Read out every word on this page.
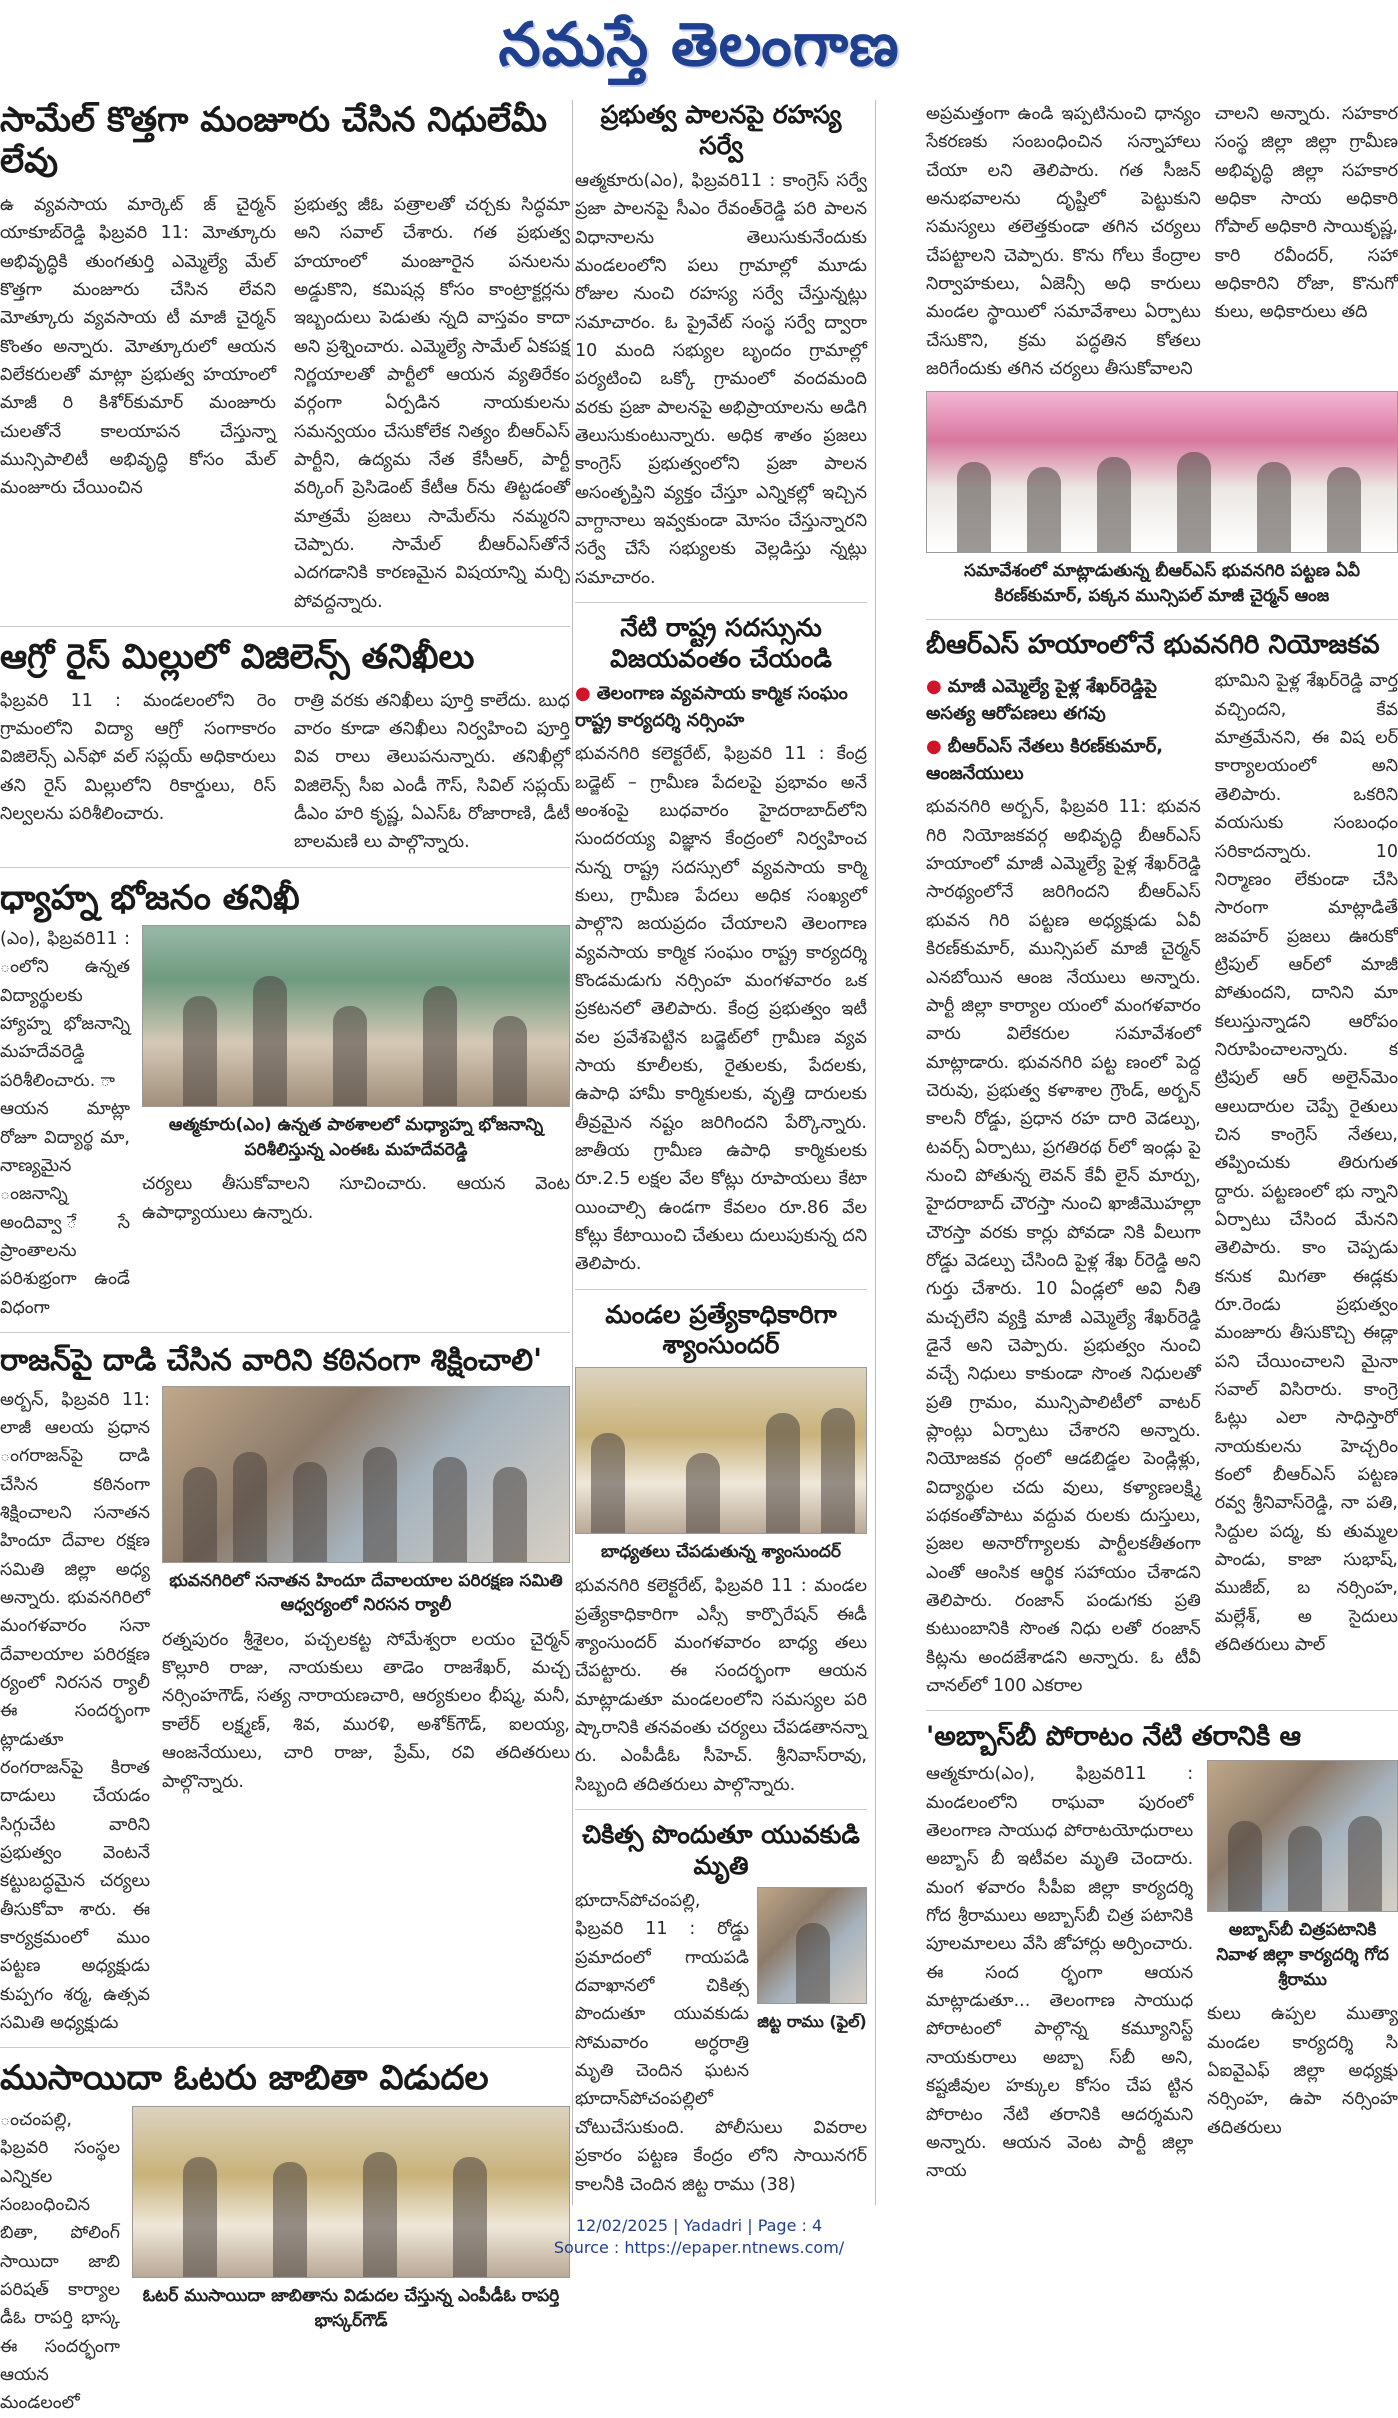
నమస్తే తెలంగాణ
సామేల్ కొత్తగా మంజూరు చేసిన నిధులేమీ లేవు

ఉ వ్యవసాయ మార్కెట్ జ్ చైర్మన్ యాకూబ్‌రెడ్డి ఫిబ్రవరి 11: మోత్కూరు అభివృద్ధికి తుంగతుర్తి ఎమ్మెల్యే మేల్ కొత్తగా మంజూరు చేసిన లేవని మోత్కూరు వ్యవసాయ టీ మాజీ చైర్మన్ కొంతం అన్నారు. మోత్కూరులో ఆయన విలేకరులతో మాట్లా ప్రభుత్వ హయాంలో మాజీ రి కిశోర్‌కుమార్ మంజూరు చులతోనే కాలయాపన చేస్తున్నా మున్సిపాలిటీ అభివృద్ధి కోసం మేల్ మంజూరు చేయించిన

ప్రభుత్వ జీఓ పత్రాలతో చర్చకు సిద్ధమా అని సవాల్ చేశారు. గత ప్రభుత్వ హయాంలో మంజూరైన పనులను అడ్డుకొని, కమిషన్ల కోసం కాంట్రాక్టర్లను ఇబ్బందులు పెడుతు న్నది వాస్తవం కాదా అని ప్రశ్నించారు. ఎమ్మెల్యే సామేల్ ఏకపక్ష నిర్ణయాలతో పార్టీలో ఆయన వ్యతిరేకం వర్గంగా ఏర్పడిన నాయకులను సమన్వయం చేసుకోలేక నిత్యం బీఆర్‌ఎస్ పార్టీని, ఉద్యమ నేత కేసీఆర్, పార్టీ వర్కింగ్ ప్రెసిడెంట్ కేటీఆ ర్‌ను తిట్టడంతో మాత్రమే ప్రజలు సామేల్‌ను నమ్మరని చెప్పారు. సామేల్ బీఆర్‌ఎస్‌తోనే ఎదగడానికి కారణమైన విషయాన్ని మర్చి పోవద్దన్నారు.

ఆగ్రో రైస్ మిల్లులో విజిలెన్స్ తనిఖీలు

ఫిబ్రవరి 11 : మండలంలోని రెం గ్రామంలోని విద్యా ఆగ్రో సంగాకారం విజిలెన్స్ ఎన్‌ఫో వల్ సప్లయ్ అధికారులు తని రైస్ మిల్లులోని రికార్డులు, రిస్ నిల్వలను పరిశీలించారు.

రాత్రి వరకు తనిఖీలు పూర్తి కాలేదు. బుధ వారం కూడా తనిఖీలు నిర్వహించి పూర్తి వివ రాలు తెలుపనున్నారు. తనిఖీల్లో విజిలెన్స్ సీఐ ఎండీ గౌస్, సివిల్ సప్లయ్ డీఎం హరి కృష్ణ, ఏఎస్‌ఓ రోజారాణి, డీటీ బాలమణి లు పాల్గొన్నారు.

ధ్యాహ్న భోజనం తనిఖీ

(ఎం), ఫిబ్రవరి11 : ంలోని ఉన్నత విద్యార్థులకు హ్యాహ్న భోజనాన్ని మహదేవరెడ్డి పరిశీలించారు. ా ఆయన మాట్లా రోజూ విద్యార్థ మా, నాణ్యమైన ంజనాన్ని అందివ్వా ేసే ప్రాంతాలను పరిశుభ్రంగా ఉండే విధంగా

ఆత్మకూరు(ఎం) ఉన్నత పాఠశాలలో మధ్యాహ్న భోజనాన్ని పరిశీలిస్తున్న ఎంఈఓ మహదేవరెడ్డి

చర్యలు తీసుకోవాలని సూచించారు. ఆయన వెంట ఉపాధ్యాయులు ఉన్నారు.

రాజన్‌పై దాడి చేసిన వారిని కఠినంగా శిక్షించాలి'

అర్బన్, ఫిబ్రవరి 11: లాజీ ఆలయ ప్రధాన ంగరాజన్‌పై దాడి చేసిన కఠినంగా శిక్షించాలని సనాతన హిందూ దేవాల రక్షణ సమితి జిల్లా అధ్య అన్నారు. భువనగిరిలో మంగళవారం సనా దేవాలయాల పరిరక్షణ ర్యంలో నిరసన ర్యాలీ ఈ సందర్భంగా ట్లాడుతూ రంగరాజన్‌పై కిరాత దాడులు చేయడం సిగ్గుచేట వారిని ప్రభుత్వం వెంటనే కట్టుబద్ధమైన చర్యలు తీసుకోవా శారు. ఈ కార్యక్రమంలో ముం పట్టణ అధ్యక్షుడు కుప్పగం శర్మ, ఉత్సవ సమితి అధ్యక్షుడు

భువనగిరిలో సనాతన హిందూ దేవాలయాల పరిరక్షణ సమితి ఆధ్వర్యంలో నిరసన ర్యాలీ

రత్నపురం శ్రీశైలం, పచ్చలకట్ట సోమేశ్వరా లయం చైర్మన్ కొల్లూరి రాజు, నాయకులు తాడెం రాజశేఖర్, మచ్చ నర్సింహగౌడ్, సత్య నారాయణచారి, ఆర్యకులం భీష్మ, మనీ, కాలేర్ లక్ష్మణ్, శివ, మురళి, అశోక్‌గౌడ్, ఐలయ్య, ఆంజనేయులు, చారి రాజు, ప్రేమ్, రవి తదితరులు పాల్గొన్నారు.

ముసాయిదా ఓటరు జాబితా విడుదల

ంచంపల్లి, ఫిబ్రవరి సంస్థల ఎన్నికల సంబంధించిన బితా, పోలింగ్ సాయిదా జాబి పరిషత్ కార్యాల డీఓ రాపర్తి భాస్క ఈ సందర్భంగా ఆయన మండలంలో

ఓటర్ ముసాయిదా జాబితాను విడుదల చేస్తున్న ఎంపీడీఓ రాపర్తి భాస్కర్‌గౌడ్
ప్రభుత్వ పాలనపై రహస్య సర్వే

ఆత్మకూరు(ఎం), ఫిబ్రవరి11 : కాంగ్రెస్ సర్వే ప్రజా పాలనపై సీఎం రేవంత్‌రెడ్డి పరి పాలన విధానాలను తెలుసుకునేందుకు మండలంలోని పలు గ్రామాల్లో మూడు రోజుల నుంచి రహస్య సర్వే చేస్తున్నట్లు సమాచారం. ఓ ప్రైవేట్ సంస్థ సర్వే ద్వారా 10 మంది సభ్యుల బృందం గ్రామాల్లో పర్యటించి ఒక్కో గ్రామంలో వందమంది వరకు ప్రజా పాలనపై అభిప్రాయాలను అడిగి తెలుసుకుంటున్నారు. అధిక శాతం ప్రజలు కాంగ్రెస్ ప్రభుత్వంలోని ప్రజా పాలన అసంతృప్తిని వ్యక్తం చేస్తూ ఎన్నికల్లో ఇచ్చిన వాగ్దానాలు ఇవ్వకుండా మోసం చేస్తున్నారని సర్వే చేసే సభ్యులకు వెల్లడిస్తు న్నట్లు సమాచారం.

నేటి రాష్ట్ర సదస్సును విజయవంతం చేయండి
● తెలంగాణ వ్యవసాయ కార్మిక సంఘం రాష్ట్ర కార్యదర్శి నర్సింహ

భువనగిరి కలెక్టరేట్, ఫిబ్రవరి 11 : కేంద్ర బడ్జెట్ – గ్రామీణ పేదలపై ప్రభావం అనే అంశంపై బుధవారం హైదరాబాద్‌లోని సుందరయ్య విజ్ఞాన కేంద్రంలో నిర్వహించ నున్న రాష్ట్ర సదస్సులో వ్యవసాయ కార్మి కులు, గ్రామీణ పేదలు అధిక సంఖ్యలో పాల్గొని జయప్రదం చేయాలని తెలంగాణ వ్యవసాయ కార్మిక సంఘం రాష్ట్ర కార్యదర్శి కొండమడుగు నర్సింహ మంగళవారం ఒక ప్రకటనలో తెలిపారు. కేంద్ర ప్రభుత్వం ఇటీ వల ప్రవేశపెట్టిన బడ్జెట్‌లో గ్రామీణ వ్యవ సాయ కూలీలకు, రైతులకు, పేదలకు, ఉపాధి హామీ కార్మికులకు, వృత్తి దారులకు తీవ్రమైన నష్టం జరిగిందని పేర్కొన్నారు. జాతీయ గ్రామీణ ఉపాధి కార్మికులకు రూ.2.5 లక్షల వేల కోట్లు రూపాయలు కేటా యించాల్సి ఉండగా కేవలం రూ.86 వేల కోట్లు కేటాయించి చేతులు దులుపుకున్న దని తెలిపారు.

మండల ప్రత్యేకాధికారిగా శ్యాంసుందర్
బాధ్యతలు చేపడుతున్న శ్యాంసుందర్

భువనగిరి కలెక్టరేట్, ఫిబ్రవరి 11 : మండల ప్రత్యేకాధికారిగా ఎస్సీ కార్పొరేషన్ ఈడీ శ్యాంసుందర్ మంగళవారం బాధ్య తలు చేపట్టారు. ఈ సందర్భంగా ఆయన మాట్లాడుతూ మండలంలోని సమస్యల పరి ష్కారానికి తనవంతు చర్యలు చేపడతానన్నా రు. ఎంపీడీఓ సీహెచ్. శ్రీనివాస్‌రావు, సిబ్బంది తదితరులు పాల్గొన్నారు.

చికిత్స పొందుతూ యువకుడి మృతి

భూదాన్‌పోచంపల్లి, ఫిబ్రవరి 11 : రోడ్డు ప్రమాదంలో గాయపడి దవాఖానలో చికిత్స పొందుతూ యువకుడు సోమవారం అర్ధరాత్రి మృతి చెందిన ఘటన భూదాన్‌పోచంపల్లిలో

జిట్ట రాము (ఫైల్)

చోటుచేసుకుంది. పోలీసులు వివరాల ప్రకారం పట్టణ కేంద్రం లోని సాయినగర్ కాలనీకి చెందిన జిట్ట రాము (38)

అప్రమత్తంగా ఉండి ఇప్పటినుంచి ధాన్యం సేకరణకు సంబంధించిన సన్నాహాలు చేయా లని తెలిపారు. గత సీజన్ అనుభవాలను దృష్టిలో పెట్టుకుని సమస్యలు తలెత్తకుండా తగిన చర్యలు చేపట్టాలని చెప్పారు. కొను గోలు కేంద్రాల నిర్వాహకులు, ఏజెన్సీ అధి కారులు మండల స్థాయిలో సమావేశాలు ఏర్పాటు చేసుకొని, క్రమ పద్ధతిన కోతలు జరిగేందుకు తగిన చర్యలు తీసుకోవాలని

చాలని అన్నారు. సహకార సంస్థ జిల్లా జిల్లా గ్రామీణ అభివృద్ధి జిల్లా సహకార అధికా సాయ అధికారి గోపాల్ అధికారి సాయికృష్ణ, కారి రవీందర్, సహా అధికారిని రోజా, కొనుగో కులు, అధికారులు తది

సమావేశంలో మాట్లాడుతున్న బీఆర్‌ఎస్ భువనగిరి పట్టణ ఏవీ కిరణ్‌కుమార్, పక్కన మున్సిపల్ మాజీ చైర్మన్ ఆంజ
బీఆర్‌ఎస్ హయాంలోనే భువనగిరి నియోజకవ
● మాజీ ఎమ్మెల్యే పైళ్ల శేఖర్‌రెడ్డిపై అసత్య ఆరోపణలు తగవు
● బీఆర్‌ఎస్ నేతలు కిరణ్‌కుమార్, ఆంజనేయులు

భువనగిరి అర్బన్, ఫిబ్రవరి 11: భువన గిరి నియోజకవర్గ అభివృద్ధి బీఆర్‌ఎస్ హయాంలో మాజీ ఎమ్మెల్యే పైళ్ల శేఖర్‌రెడ్డి సారథ్యంలోనే జరిగిందని బీఆర్‌ఎస్ భువన గిరి పట్టణ అధ్యక్షుడు ఏవీ కిరణ్‌కుమార్, మున్సిపల్ మాజీ చైర్మన్ ఎనబోయిన ఆంజ నేయులు అన్నారు. పార్టీ జిల్లా కార్యాల యంలో మంగళవారం వారు విలేకరుల సమావేశంలో మాట్లాడారు. భువనగిరి పట్ట ణంలో పెద్ద చెరువు, ప్రభుత్వ కళాశాల గ్రౌండ్, అర్బన్ కాలనీ రోడ్డు, ప్రధాన రహ దారి వెడల్పు, టవర్స్ ఏర్పాటు, ప్రగతిరథ ర్‌లో ఇండ్లు పై నుంచి పోతున్న లెవన్ కేవీ లైన్ మార్పు, హైదరాబాద్ చౌరస్తా నుంచి ఖాజీమొహల్లా చౌరస్తా వరకు కార్లు పోవడా నికి వీలుగా రోడ్డు వెడల్పు చేసింది పైళ్ల శేఖ ర్‌రెడ్డి అని గుర్తు చేశారు. 10 ఏండ్లలో అవి నీతి మచ్చలేని వ్యక్తి మాజీ ఎమ్మెల్యే శేఖర్‌రెడ్డి డైనే అని చెప్పారు. ప్రభుత్వం నుంచి వచ్చే నిధులు కాకుండా సొంత నిధులతో ప్రతి గ్రామం, మున్సిపాలిటీలో వాటర్ ప్లాంట్లు ఏర్పాటు చేశారని అన్నారు. నియోజకవ ర్గంలో ఆడబిడ్డల పెండ్లిళ్లు, విద్యార్థుల చదు వులు, కళ్యాణలక్ష్మి పథకంతోపాటు వద్దువ రులకు దుస్తులు, ప్రజల అనారోగ్యాలకు పార్టీలకతీతంగా ఎంతో ఆంసిక ఆర్థిక సహాయం చేశాడని తెలిపారు. రంజాన్ పండుగకు ప్రతి కుటుంబానికి సొంత నిధు లతో రంజాన్ కిట్లను అందజేశాడని అన్నారు. ఓ టీవీ చానల్‌లో 100 ఎకరాల

భూమిని పైళ్ల శేఖర్‌రెడ్డి వార్త వచ్చిందని, కేవ మాత్రమేనని, ఈ విష లర్ కార్యాలయంలో అని తెలిపారు. ఒకరిని వయసుకు సంబంధం సరికాదన్నారు. 10 నిర్మాణం లేకుండా చేసి సారంగా మాట్లాడితే జవహర్ ప్రజలు ఊరుకో ట్రిపుల్ ఆర్‌లో మాజీ పోతుందని, దానిని మా కలుస్తున్నాడని ఆరోపం నిరూపించాలన్నారు. క ట్రిపుల్ ఆర్ అలైన్‌మెం ఆలుదారుల చెప్పే రైతులు చిన కాంగ్రెస్ నేతలు, తప్పించుకు తిరుగుత ద్దారు. పట్టణంలో భు న్నాని ఏర్పాటు చేసింద మేనని తెలిపారు. కాం చెప్పడు కనుక మిగతా ఈడ్లకు రూ.రెండు ప్రభుత్వం మంజూరు తీసుకొచ్చి ఈడ్లా పని చేయించాలని మైనా సవాల్ విసిరారు. కాంగ్రె ఓట్లు ఎలా సాధిస్తారో నాయకులను హెచ్చరిం కంలో బీఆర్‌ఎస్ పట్టణ రవ్వ శ్రీనివాస్‌రెడ్డి, నా పతి, సిద్దుల పద్మ, కు తుమ్మల పాండు, కాజా సుభాష్, ముజీబ్, బ నర్సింహ, మల్లేశ్, అ సైదులు తదితరులు పాల్

'అబ్బాస్‌బీ పోరాటం నేటి తరానికి ఆ

ఆత్మకూరు(ఎం), ఫిబ్రవరి11 : మండలంలోని రాఘవా పురంలో తెలంగాణ సాయుధ పోరాటయోధురాలు అబ్బాస్ బీ ఇటీవల మృతి చెందారు. మంగ ళవారం సీపీఐ జిల్లా కార్యదర్శి గోద శ్రీరాములు అబ్బాస్‌బీ చిత్ర పటానికి పూలమాలలు వేసి జోహార్లు అర్పించారు. ఈ సంద ర్భంగా ఆయన మాట్లాడుతూ... తెలంగాణ సాయుధ పోరాటంలో పాల్గొన్న కమ్యూనిస్ట్ నాయకురాలు అబ్బా స్‌బీ అని, కష్టజీవుల హక్కుల కోసం చేప ట్టిన పోరాటం నేటి తరానికి ఆదర్శమని అన్నారు. ఆయన వెంట పార్టీ జిల్లా నాయ

అబ్బాస్‌బీ చిత్రపటానికి నివాళ జిల్లా కార్యదర్శి గోద శ్రీరాము

కులు ఉప్పల ముత్యా మండల కార్యదర్శి సి ఏఐవైఎఫ్ జిల్లా అధ్యక్షు నర్సింహ, ఉపా నర్సింహ తదితరులు

12/02/2025 | Yadadri | Page : 4
Source : https://epaper.ntnews.com/
